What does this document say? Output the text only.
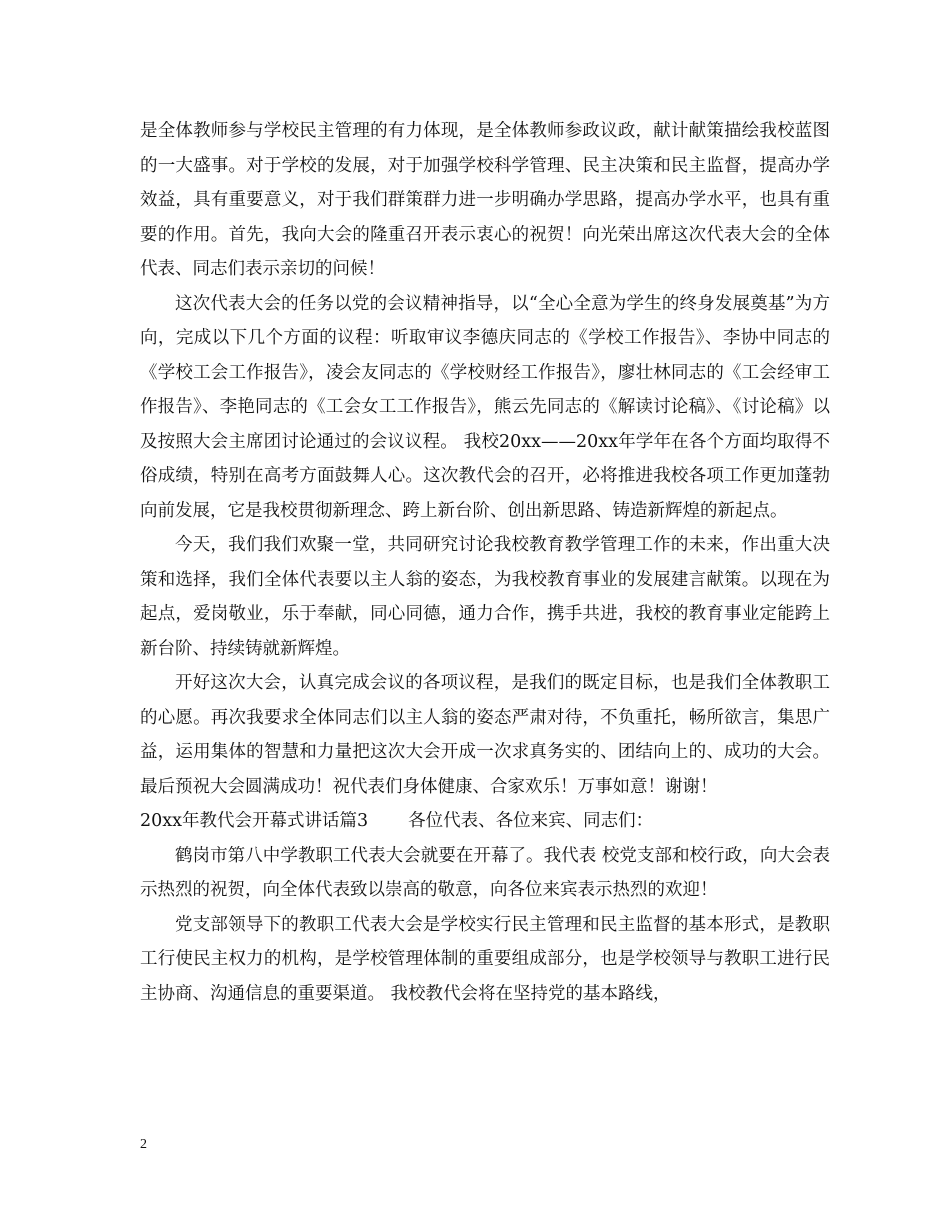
是全体教师参与学校民主管理的有力体现，是全体教师参政议政，献计献策描绘我校蓝图的一大盛事。对于学校的发展，对于加强学校科学管理、民主决策和民主监督，提高办学效益，具有重要意义，对于我们群策群力进一步明确办学思路，提高办学水平，也具有重要的作用。首先，我向大会的隆重召开表示衷心的祝贺！向光荣出席这次代表大会的全体代表、同志们表示亲切的问候！

这次代表大会的任务以党的会议精神指导，以“全心全意为学生的终身发展奠基”为方向，完成以下几个方面的议程：听取审议李德庆同志的《学校工作报告》、李协中同志的《学校工会工作报告》，凌会友同志的《学校财经工作报告》，廖壮林同志的《工会经审工作报告》、李艳同志的《工会女工工作报告》，熊云先同志的《解读讨论稿》、《讨论稿》以及按照大会主席团讨论通过的会议议程。 我校20xx——20xx年学年在各个方面均取得不俗成绩，特别在高考方面鼓舞人心。这次教代会的召开，必将推进我校各项工作更加蓬勃向前发展，它是我校贯彻新理念、跨上新台阶、创出新思路、铸造新辉煌的新起点。

今天，我们我们欢聚一堂，共同研究讨论我校教育教学管理工作的未来，作出重大决策和选择，我们全体代表要以主人翁的姿态，为我校教育事业的发展建言献策。以现在为起点，爱岗敬业，乐于奉献，同心同德，通力合作，携手共进，我校的教育事业定能跨上新台阶、持续铸就新辉煌。

开好这次大会，认真完成会议的各项议程，是我们的既定目标，也是我们全体教职工的心愿。再次我要求全体同志们以主人翁的姿态严肃对待，不负重托，畅所欲言，集思广益，运用集体的智慧和力量把这次大会开成一次求真务实的、团结向上的、成功的大会。最后预祝大会圆满成功！祝代表们身体健康、合家欢乐！万事如意！谢谢！

20xx年教代会开幕式讲话篇3 各位代表、各位来宾、同志们：

鹤岗市第八中学教职工代表大会就要在开幕了。我代表 校党支部和校行政，向大会表示热烈的祝贺，向全体代表致以崇高的敬意，向各位来宾表示热烈的欢迎！

党支部领导下的教职工代表大会是学校实行民主管理和民主监督的基本形式，是教职工行使民主权力的机构，是学校管理体制的重要组成部分，也是学校领导与教职工进行民主协商、沟通信息的重要渠道。 我校教代会将在坚持党的基本路线，

2
